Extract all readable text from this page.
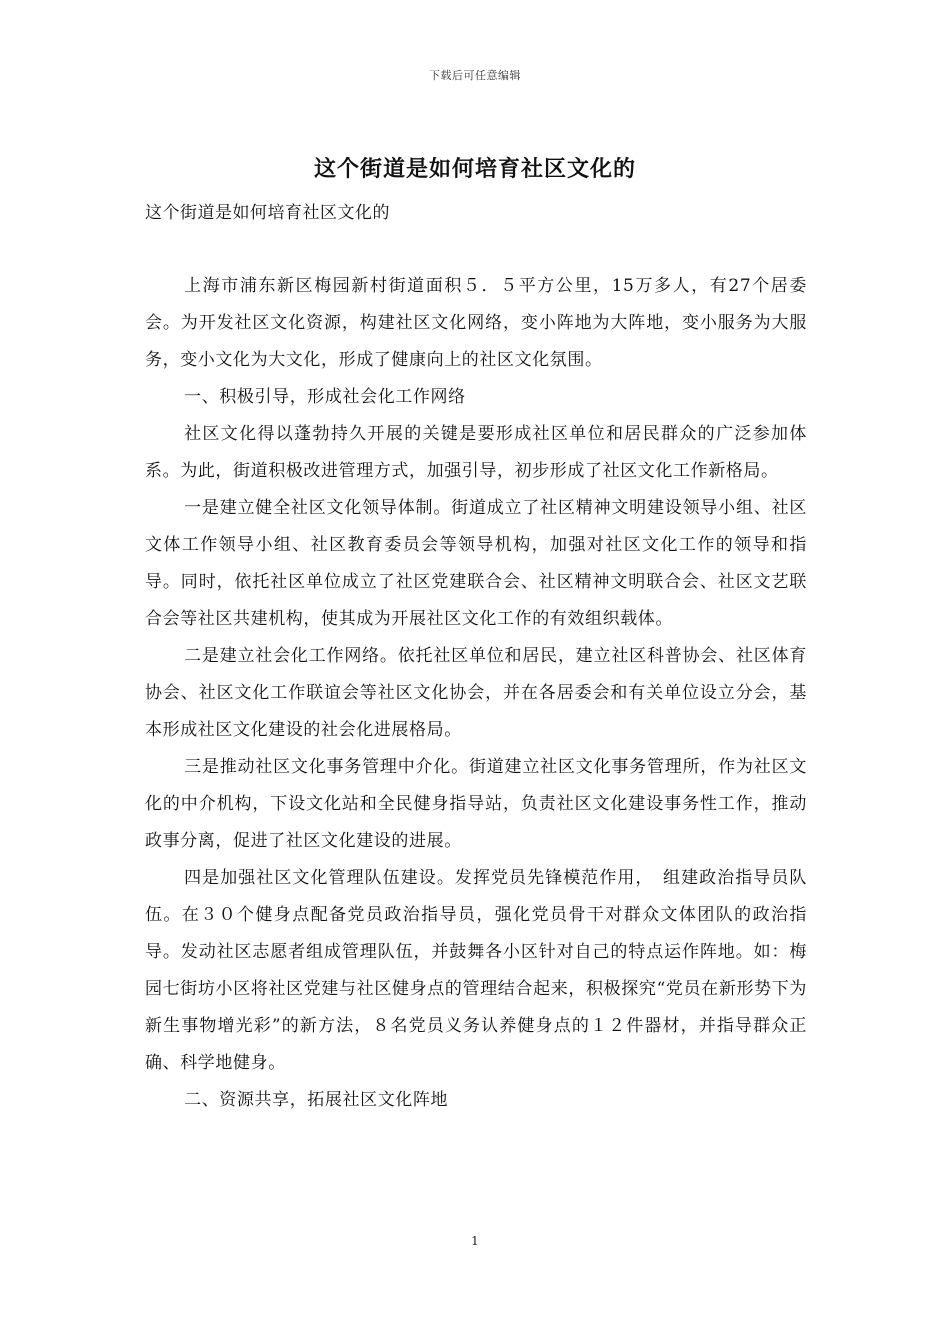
下载后可任意编辑
这个街道是如何培育社区文化的
这个街道是如何培育社区文化的

上海市浦东新区梅园新村街道面积５．５平方公里，15万多人，有27个居委会。为开发社区文化资源，构建社区文化网络，变小阵地为大阵地，变小服务为大服务，变小文化为大文化，形成了健康向上的社区文化氛围。

一、积极引导，形成社会化工作网络

社区文化得以蓬勃持久开展的关键是要形成社区单位和居民群众的广泛参加体系。为此，街道积极改进管理方式，加强引导，初步形成了社区文化工作新格局。

一是建立健全社区文化领导体制。街道成立了社区精神文明建设领导小组、社区文体工作领导小组、社区教育委员会等领导机构，加强对社区文化工作的领导和指导。同时，依托社区单位成立了社区党建联合会、社区精神文明联合会、社区文艺联合会等社区共建机构，使其成为开展社区文化工作的有效组织载体。

二是建立社会化工作网络。依托社区单位和居民，建立社区科普协会、社区体育协会、社区文化工作联谊会等社区文化协会，并在各居委会和有关单位设立分会，基本形成社区文化建设的社会化进展格局。

三是推动社区文化事务管理中介化。街道建立社区文化事务管理所，作为社区文化的中介机构，下设文化站和全民健身指导站，负责社区文化建设事务性工作，推动政事分离，促进了社区文化建设的进展。

四是加强社区文化管理队伍建设。发挥党员先锋模范作用，　组建政治指导员队伍。在３０个健身点配备党员政治指导员，强化党员骨干对群众文体团队的政治指导。发动社区志愿者组成管理队伍，并鼓舞各小区针对自己的特点运作阵地。如：梅园七街坊小区将社区党建与社区健身点的管理结合起来，积极探究“党员在新形势下为新生事物增光彩”的新方法，８名党员义务认养健身点的１２件器材，并指导群众正确、科学地健身。

二、资源共享，拓展社区文化阵地

1
